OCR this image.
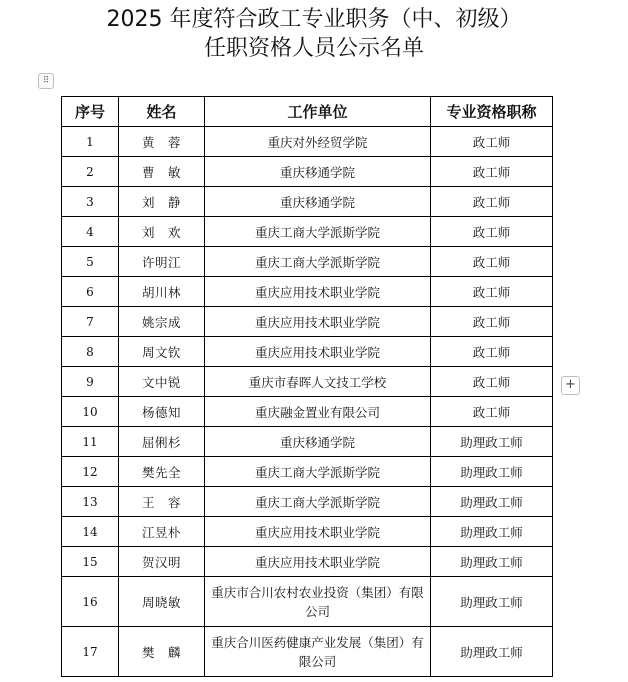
2025 年度符合政工专业职务（中、初级）
任职资格人员公示名单
⠿
+
序号	姓名	工作单位	专业资格职称
1	黄　蓉	重庆对外经贸学院	政工师
2	曹　敏	重庆移通学院	政工师
3	刘　静	重庆移通学院	政工师
4	刘　欢	重庆工商大学派斯学院	政工师
5	许明江	重庆工商大学派斯学院	政工师
6	胡川林	重庆应用技术职业学院	政工师
7	姚宗成	重庆应用技术职业学院	政工师
8	周文钦	重庆应用技术职业学院	政工师
9	文中锐	重庆市春晖人文技工学校	政工师
10	杨德知	重庆融金置业有限公司	政工师
11	屈俐杉	重庆移通学院	助理政工师
12	樊先全	重庆工商大学派斯学院	助理政工师
13	王　容	重庆工商大学派斯学院	助理政工师
14	江昱朴	重庆应用技术职业学院	助理政工师
15	贺汉明	重庆应用技术职业学院	助理政工师
16	周晓敏	重庆市合川农村农业投资（集团）有限公司	助理政工师
17	樊　麟	重庆合川医药健康产业发展（集团）有限公司	助理政工师
